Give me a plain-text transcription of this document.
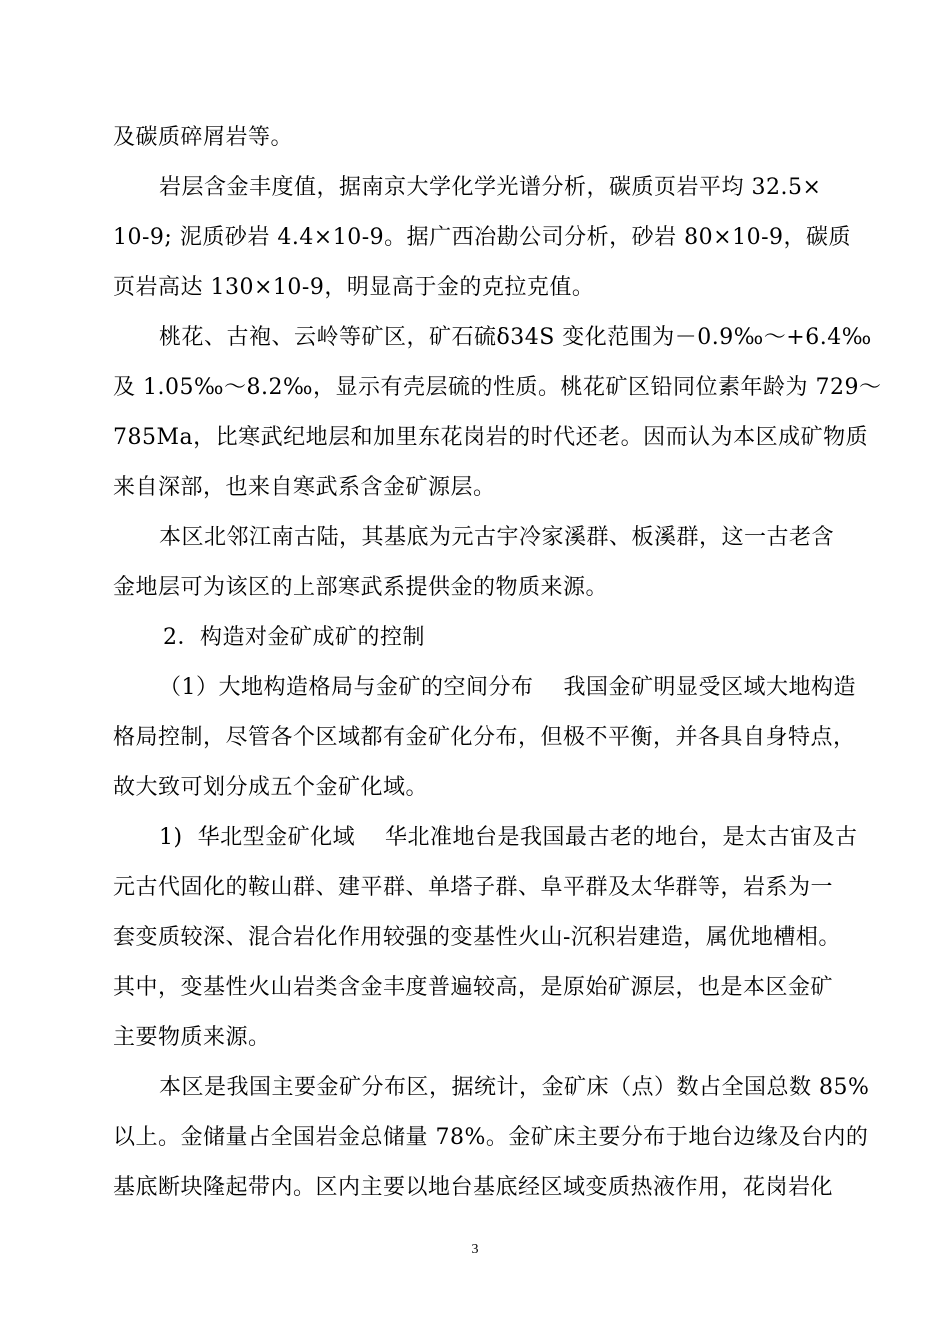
及碳质碎屑岩等。
岩层含金丰度值，据南京大学化学光谱分析，碳质页岩平均 32.5×
10-9; 泥质砂岩 4.4×10-9。据广西冶勘公司分析，砂岩 80×10-9，碳质
页岩高达 130×10-9，明显高于金的克拉克值。
桃花、古袍、云岭等矿区，矿石硫δ34S 变化范围为－0.9‰～+6.4‰
及 1.05‰～8.2‰，显示有壳层硫的性质。桃花矿区铅同位素年龄为 729～
785Ma，比寒武纪地层和加里东花岗岩的时代还老。因而认为本区成矿物质
来自深部，也来自寒武系含金矿源层。
本区北邻江南古陆，其基底为元古宇冷家溪群、板溪群，这一古老含
金地层可为该区的上部寒武系提供金的物质来源。
2．构造对金矿成矿的控制
（1）大地构造格局与金矿的空间分布    我国金矿明显受区域大地构造
格局控制，尽管各个区域都有金矿化分布，但极不平衡，并各具自身特点，
故大致可划分成五个金矿化域。
1)  华北型金矿化域    华北准地台是我国最古老的地台，是太古宙及古
元古代固化的鞍山群、建平群、单塔子群、阜平群及太华群等，岩系为一
套变质较深、混合岩化作用较强的变基性火山-沉积岩建造，属优地槽相。
其中，变基性火山岩类含金丰度普遍较高，是原始矿源层，也是本区金矿
主要物质来源。
本区是我国主要金矿分布区，据统计，金矿床（点）数占全国总数 85%
以上。金储量占全国岩金总储量 78%。金矿床主要分布于地台边缘及台内的
基底断块隆起带内。区内主要以地台基底经区域变质热液作用，花岗岩化
3
